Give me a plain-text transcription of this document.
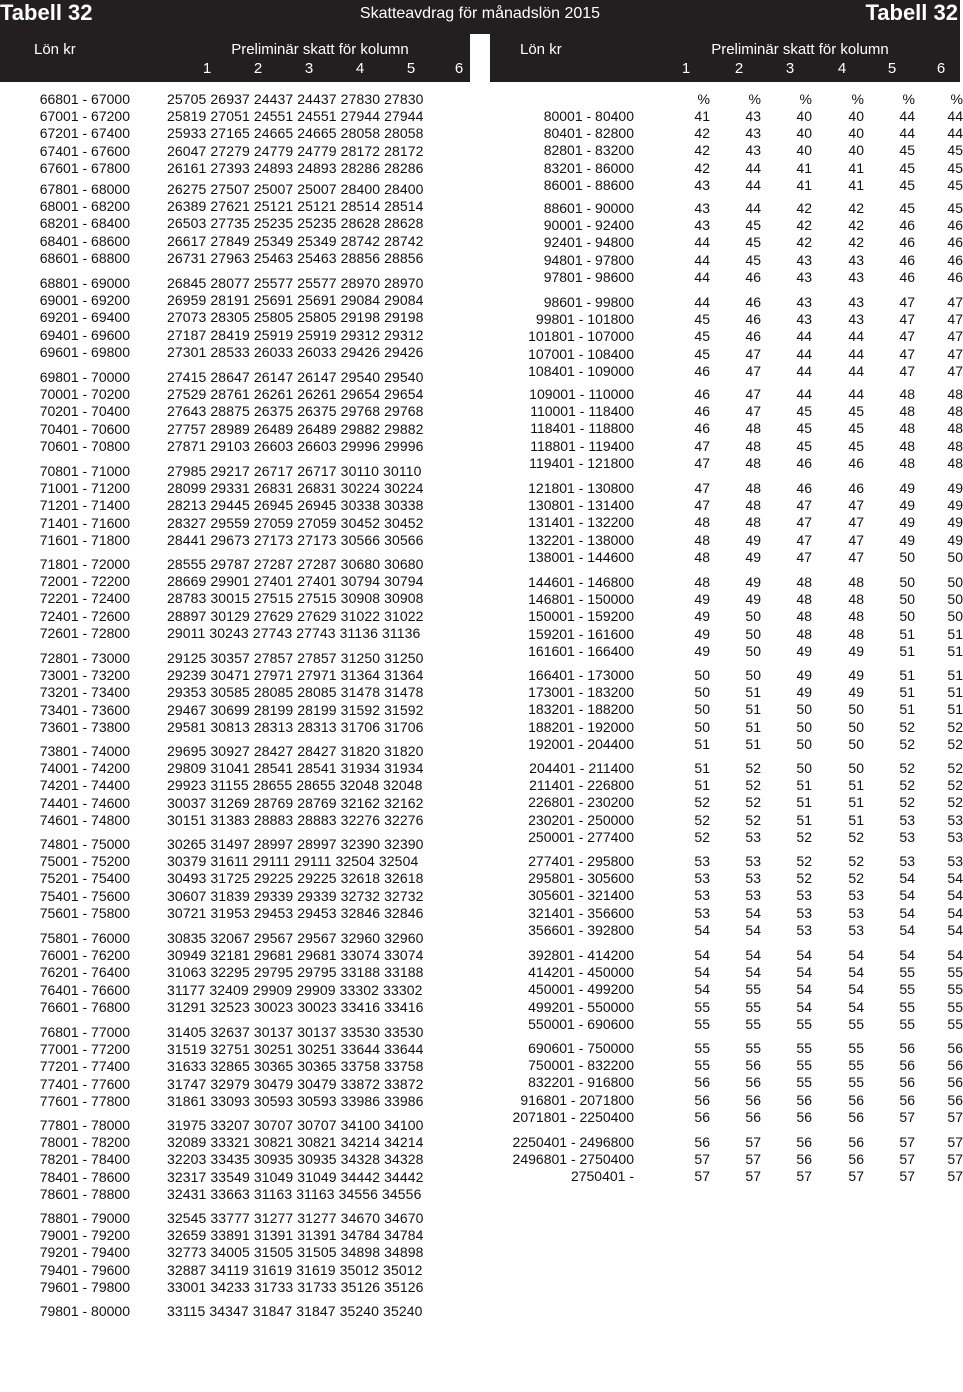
Tabell 32	Skatteavdrag för månadslön 2015	Tabell 32
Lön kr	Preliminär skatt för kolumn
1	2	3	4	5	6
Lön kr	Preliminär skatt för kolumn
1	2	3	4	5	6
66801 - 67000	25705 26937 24437 24437 27830 27830
67001 - 67200	25819 27051 24551 24551 27944 27944
67201 - 67400	25933 27165 24665 24665 28058 28058
67401 - 67600	26047 27279 24779 24779 28172 28172
67601 - 67800	26161 27393 24893 24893 28286 28286
67801 - 68000	26275 27507 25007 25007 28400 28400
68001 - 68200	26389 27621 25121 25121 28514 28514
68201 - 68400	26503 27735 25235 25235 28628 28628
68401 - 68600	26617 27849 25349 25349 28742 28742
68601 - 68800	26731 27963 25463 25463 28856 28856
68801 - 69000	26845 28077 25577 25577 28970 28970
69001 - 69200	26959 28191 25691 25691 29084 29084
69201 - 69400	27073 28305 25805 25805 29198 29198
69401 - 69600	27187 28419 25919 25919 29312 29312
69601 - 69800	27301 28533 26033 26033 29426 29426
69801 - 70000	27415 28647 26147 26147 29540 29540
70001 - 70200	27529 28761 26261 26261 29654 29654
70201 - 70400	27643 28875 26375 26375 29768 29768
70401 - 70600	27757 28989 26489 26489 29882 29882
70601 - 70800	27871 29103 26603 26603 29996 29996
70801 - 71000	27985 29217 26717 26717 30110 30110
71001 - 71200	28099 29331 26831 26831 30224 30224
71201 - 71400	28213 29445 26945 26945 30338 30338
71401 - 71600	28327 29559 27059 27059 30452 30452
71601 - 71800	28441 29673 27173 27173 30566 30566
71801 - 72000	28555 29787 27287 27287 30680 30680
72001 - 72200	28669 29901 27401 27401 30794 30794
72201 - 72400	28783 30015 27515 27515 30908 30908
72401 - 72600	28897 30129 27629 27629 31022 31022
72601 - 72800	29011 30243 27743 27743 31136 31136
72801 - 73000	29125 30357 27857 27857 31250 31250
73001 - 73200	29239 30471 27971 27971 31364 31364
73201 - 73400	29353 30585 28085 28085 31478 31478
73401 - 73600	29467 30699 28199 28199 31592 31592
73601 - 73800	29581 30813 28313 28313 31706 31706
73801 - 74000	29695 30927 28427 28427 31820 31820
74001 - 74200	29809 31041 28541 28541 31934 31934
74201 - 74400	29923 31155 28655 28655 32048 32048
74401 - 74600	30037 31269 28769 28769 32162 32162
74601 - 74800	30151 31383 28883 28883 32276 32276
74801 - 75000	30265 31497 28997 28997 32390 32390
75001 - 75200	30379 31611 29111 29111 32504 32504
75201 - 75400	30493 31725 29225 29225 32618 32618
75401 - 75600	30607 31839 29339 29339 32732 32732
75601 - 75800	30721 31953 29453 29453 32846 32846
75801 - 76000	30835 32067 29567 29567 32960 32960
76001 - 76200	30949 32181 29681 29681 33074 33074
76201 - 76400	31063 32295 29795 29795 33188 33188
76401 - 76600	31177 32409 29909 29909 33302 33302
76601 - 76800	31291 32523 30023 30023 33416 33416
76801 - 77000	31405 32637 30137 30137 33530 33530
77001 - 77200	31519 32751 30251 30251 33644 33644
77201 - 77400	31633 32865 30365 30365 33758 33758
77401 - 77600	31747 32979 30479 30479 33872 33872
77601 - 77800	31861 33093 30593 30593 33986 33986
77801 - 78000	31975 33207 30707 30707 34100 34100
78001 - 78200	32089 33321 30821 30821 34214 34214
78201 - 78400	32203 33435 30935 30935 34328 34328
78401 - 78600	32317 33549 31049 31049 34442 34442
78601 - 78800	32431 33663 31163 31163 34556 34556
78801 - 79000	32545 33777 31277 31277 34670 34670
79001 - 79200	32659 33891 31391 31391 34784 34784
79201 - 79400	32773 34005 31505 31505 34898 34898
79401 - 79600	32887 34119 31619 31619 35012 35012
79601 - 79800	33001 34233 31733 31733 35126 35126
79801 - 80000	33115 34347 31847 31847 35240 35240
%	%	%	%	%	%
80001 - 80400	41	43	40	40	44	44
80401 - 82800	42	43	40	40	44	44
82801 - 83200	42	43	40	40	45	45
83201 - 86000	42	44	41	41	45	45
86001 - 88600	43	44	41	41	45	45
88601 - 90000	43	44	42	42	45	45
90001 - 92400	43	45	42	42	46	46
92401 - 94800	44	45	42	42	46	46
94801 - 97800	44	45	43	43	46	46
97801 - 98600	44	46	43	43	46	46
98601 - 99800	44	46	43	43	47	47
99801 - 101800	45	46	43	43	47	47
101801 - 107000	45	46	44	44	47	47
107001 - 108400	45	47	44	44	47	47
108401 - 109000	46	47	44	44	47	47
109001 - 110000	46	47	44	44	48	48
110001 - 118400	46	47	45	45	48	48
118401 - 118800	46	48	45	45	48	48
118801 - 119400	47	48	45	45	48	48
119401 - 121800	47	48	46	46	48	48
121801 - 130800	47	48	46	46	49	49
130801 - 131400	47	48	47	47	49	49
131401 - 132200	48	48	47	47	49	49
132201 - 138000	48	49	47	47	49	49
138001 - 144600	48	49	47	47	50	50
144601 - 146800	48	49	48	48	50	50
146801 - 150000	49	49	48	48	50	50
150001 - 159200	49	50	48	48	50	50
159201 - 161600	49	50	48	48	51	51
161601 - 166400	49	50	49	49	51	51
166401 - 173000	50	50	49	49	51	51
173001 - 183200	50	51	49	49	51	51
183201 - 188200	50	51	50	50	51	51
188201 - 192000	50	51	50	50	52	52
192001 - 204400	51	51	50	50	52	52
204401 - 211400	51	52	50	50	52	52
211401 - 226800	51	52	51	51	52	52
226801 - 230200	52	52	51	51	52	52
230201 - 250000	52	52	51	51	53	53
250001 - 277400	52	53	52	52	53	53
277401 - 295800	53	53	52	52	53	53
295801 - 305600	53	53	52	52	54	54
305601 - 321400	53	53	53	53	54	54
321401 - 356600	53	54	53	53	54	54
356601 - 392800	54	54	53	53	54	54
392801 - 414200	54	54	54	54	54	54
414201 - 450000	54	54	54	54	55	55
450001 - 499200	54	55	54	54	55	55
499201 - 550000	55	55	54	54	55	55
550001 - 690600	55	55	55	55	55	55
690601 - 750000	55	55	55	55	56	56
750001 - 832200	55	56	55	55	56	56
832201 - 916800	56	56	55	55	56	56
916801 - 2071800	56	56	56	56	56	56
2071801 - 2250400	56	56	56	56	57	57
2250401 - 2496800	56	57	56	56	57	57
2496801 - 2750400	57	57	56	56	57	57
2750401 -	57	57	57	57	57	57
